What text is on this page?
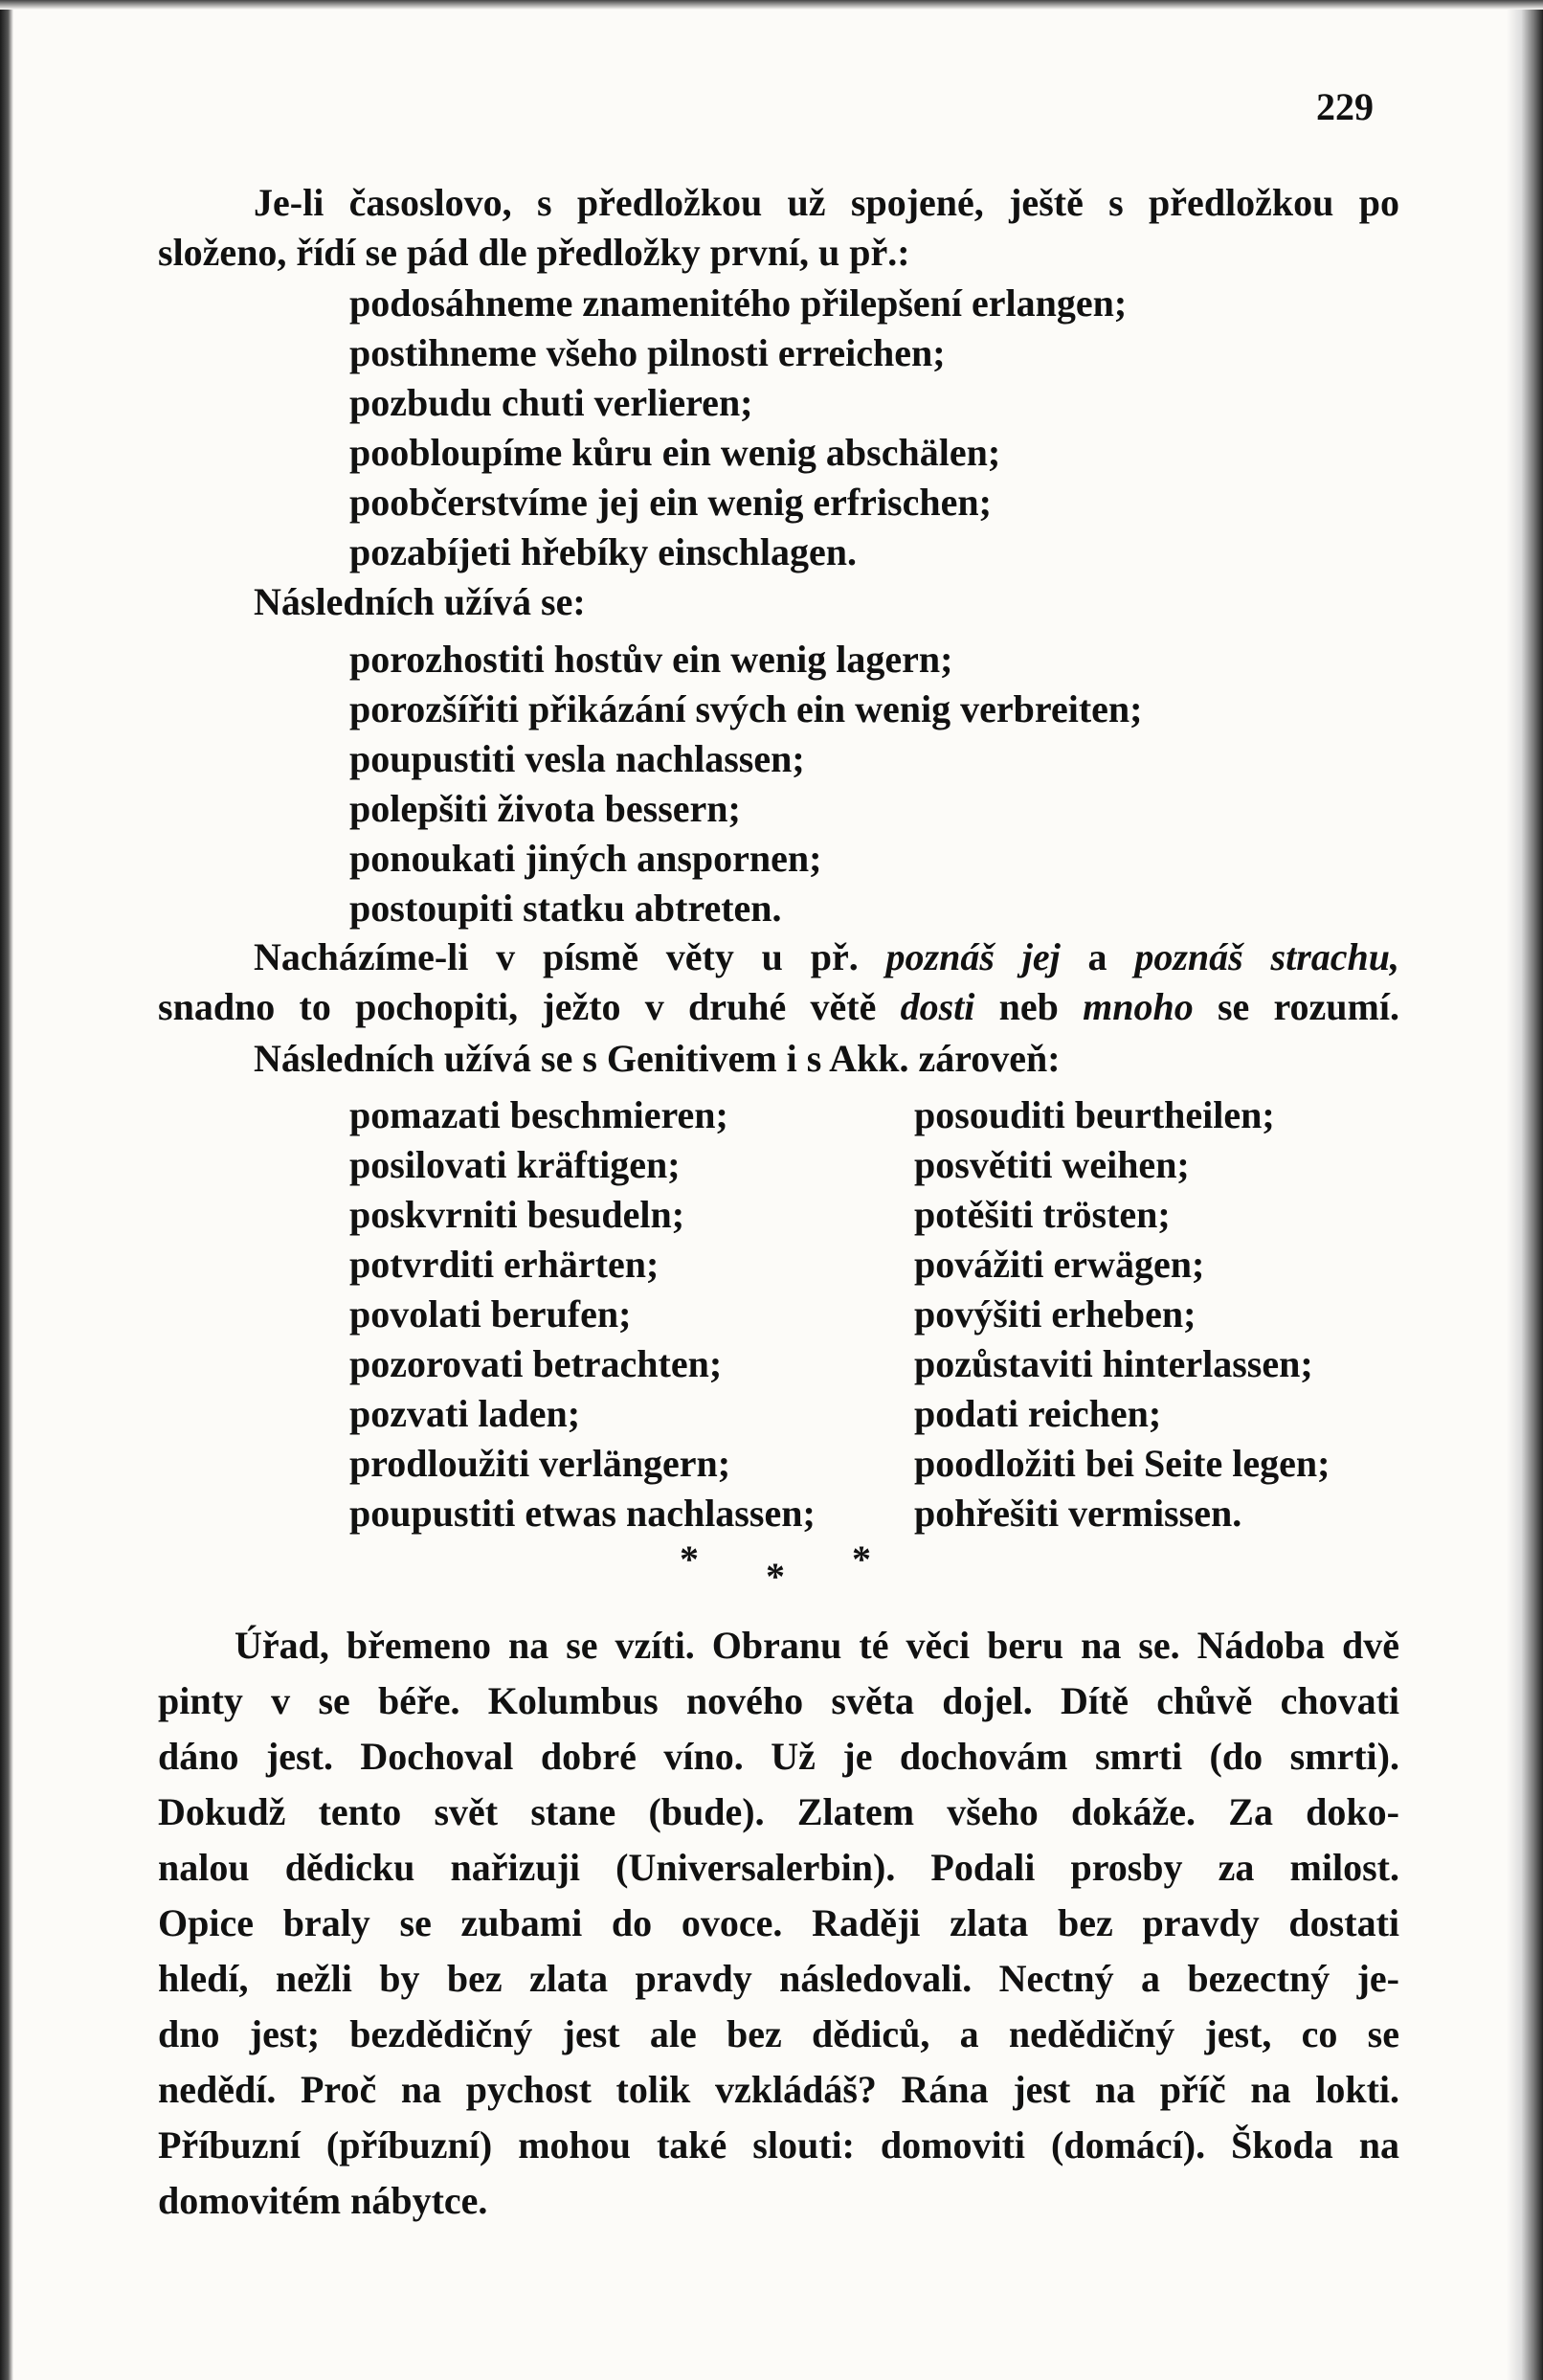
229
Je-li časoslovo, s předložkou už spojené, ještě s předložkou po
složeno, řídí se pád dle předložky první, u př.:
podosáhneme znamenitého přilepšení erlangen;
postihneme všeho pilnosti erreichen;
pozbudu chuti verlieren;
poobloupíme kůru ein wenig abschälen;
poobčerstvíme jej ein wenig erfrischen;
pozabíjeti hřebíky einschlagen.
Následních užívá se:
porozhostiti hostův ein wenig lagern;
porozšířiti přikázání svých ein wenig verbreiten;
poupustiti vesla nachlassen;
polepšiti života bessern;
ponoukati jiných anspornen;
postoupiti statku abtreten.
Nacházíme-li v písmě věty u př. poznáš jej a poznáš strachu,
snadno to pochopiti, ježto v druhé větě dosti neb mnoho se rozumí.
Následních užívá se s Genitivem i s Akk. zároveň:
pomazati beschmieren;
posilovati kräftigen;
poskvrniti besudeln;
potvrditi erhärten;
povolati berufen;
pozorovati betrachten;
pozvati laden;
prodloužiti verlängern;
poupustiti etwas nachlassen;
posouditi beurtheilen;
posvětiti weihen;
potěšiti trösten;
povážiti erwägen;
povýšiti erheben;
pozůstaviti hinterlassen;
podati reichen;
poodložiti bei Seite legen;
pohřešiti vermissen.
* * *
Úřad, břemeno na se vzíti. Obranu té věci beru na se. Nádoba dvě
pinty v se béře. Kolumbus nového světa dojel. Dítě chůvě chovati
dáno jest. Dochoval dobré víno. Už je dochovám smrti (do smrti).
Dokudž tento svět stane (bude). Zlatem všeho dokáže. Za doko-
nalou dědicku nařizuji (Universalerbin). Podali prosby za milost.
Opice braly se zubami do ovoce. Raději zlata bez pravdy dostati
hledí, nežli by bez zlata pravdy následovali. Nectný a bezectný je-
dno jest; bezdědičný jest ale bez dědiců, a nedědičný jest, co se
nedědí. Proč na pychost tolik vzkládáš? Rána jest na příč na lokti.
Příbuzní (příbuzní) mohou také slouti: domoviti (domácí). Škoda na
domovitém nábytce.
